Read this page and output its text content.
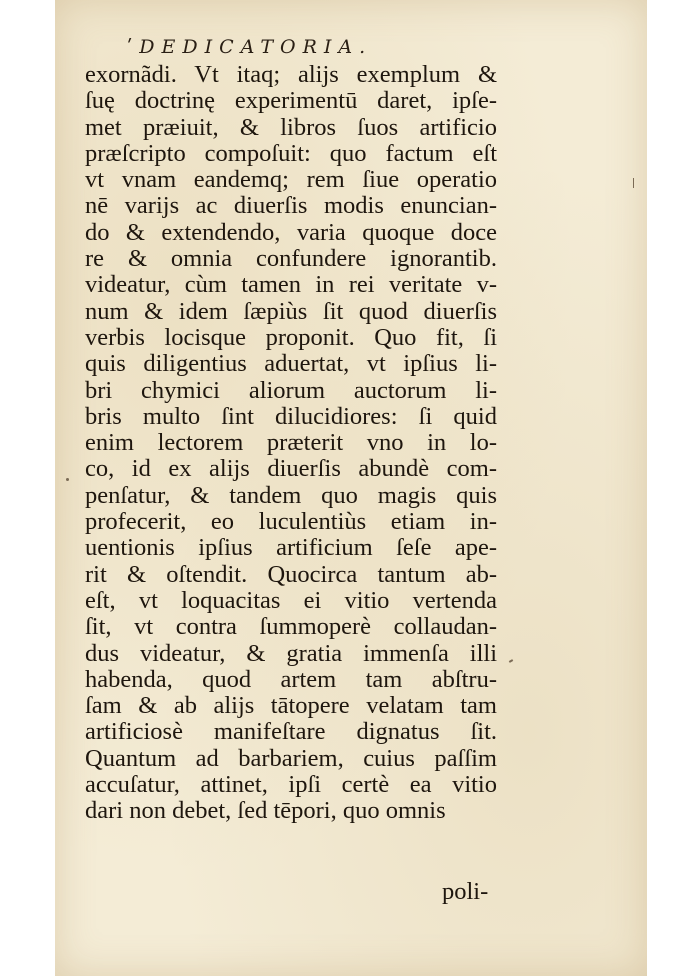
ʹDEDICATORIA.
exornãdi. Vt itaq; alijs exemplum &
ſuę doctrinę experimentū daret, ipſe-
met præiuit, & libros ſuos artificio
præſcripto compoſuit: quo factum eſt
vt vnam eandemq; rem ſiue operatio
nē varijs ac diuerſis modis enuncian-
do & extendendo, varia quoque doce
re & omnia confundere ignorantib.
videatur, cùm tamen in rei veritate v-
num & idem ſæpiùs ſit quod diuerſis
verbis locisque proponit. Quo fit, ſi
quis diligentius aduertat, vt ipſius li-
bri chymici aliorum auctorum li-
bris multo ſint dilucidiores: ſi quid
enim lectorem præterit vno in lo-
co, id ex alijs diuerſis abundè com-
penſatur, & tandem quo magis quis
profecerit, eo luculentiùs etiam in-
uentionis ipſius artificium ſeſe ape-
rit & oſtendit. Quocirca tantum ab-
eſt, vt loquacitas ei vitio vertenda
ſit, vt contra ſummoperè collaudan-
dus videatur, & gratia immenſa illi
habenda, quod artem tam abſtru-
ſam & ab alijs tātopere velatam tam
artificiosè manifeſtare dignatus ſit.
Quantum ad barbariem, cuius paſſim
accuſatur, attinet, ipſi certè ea vitio
dari non debet, ſed tēpori, quo omnis
poli-
